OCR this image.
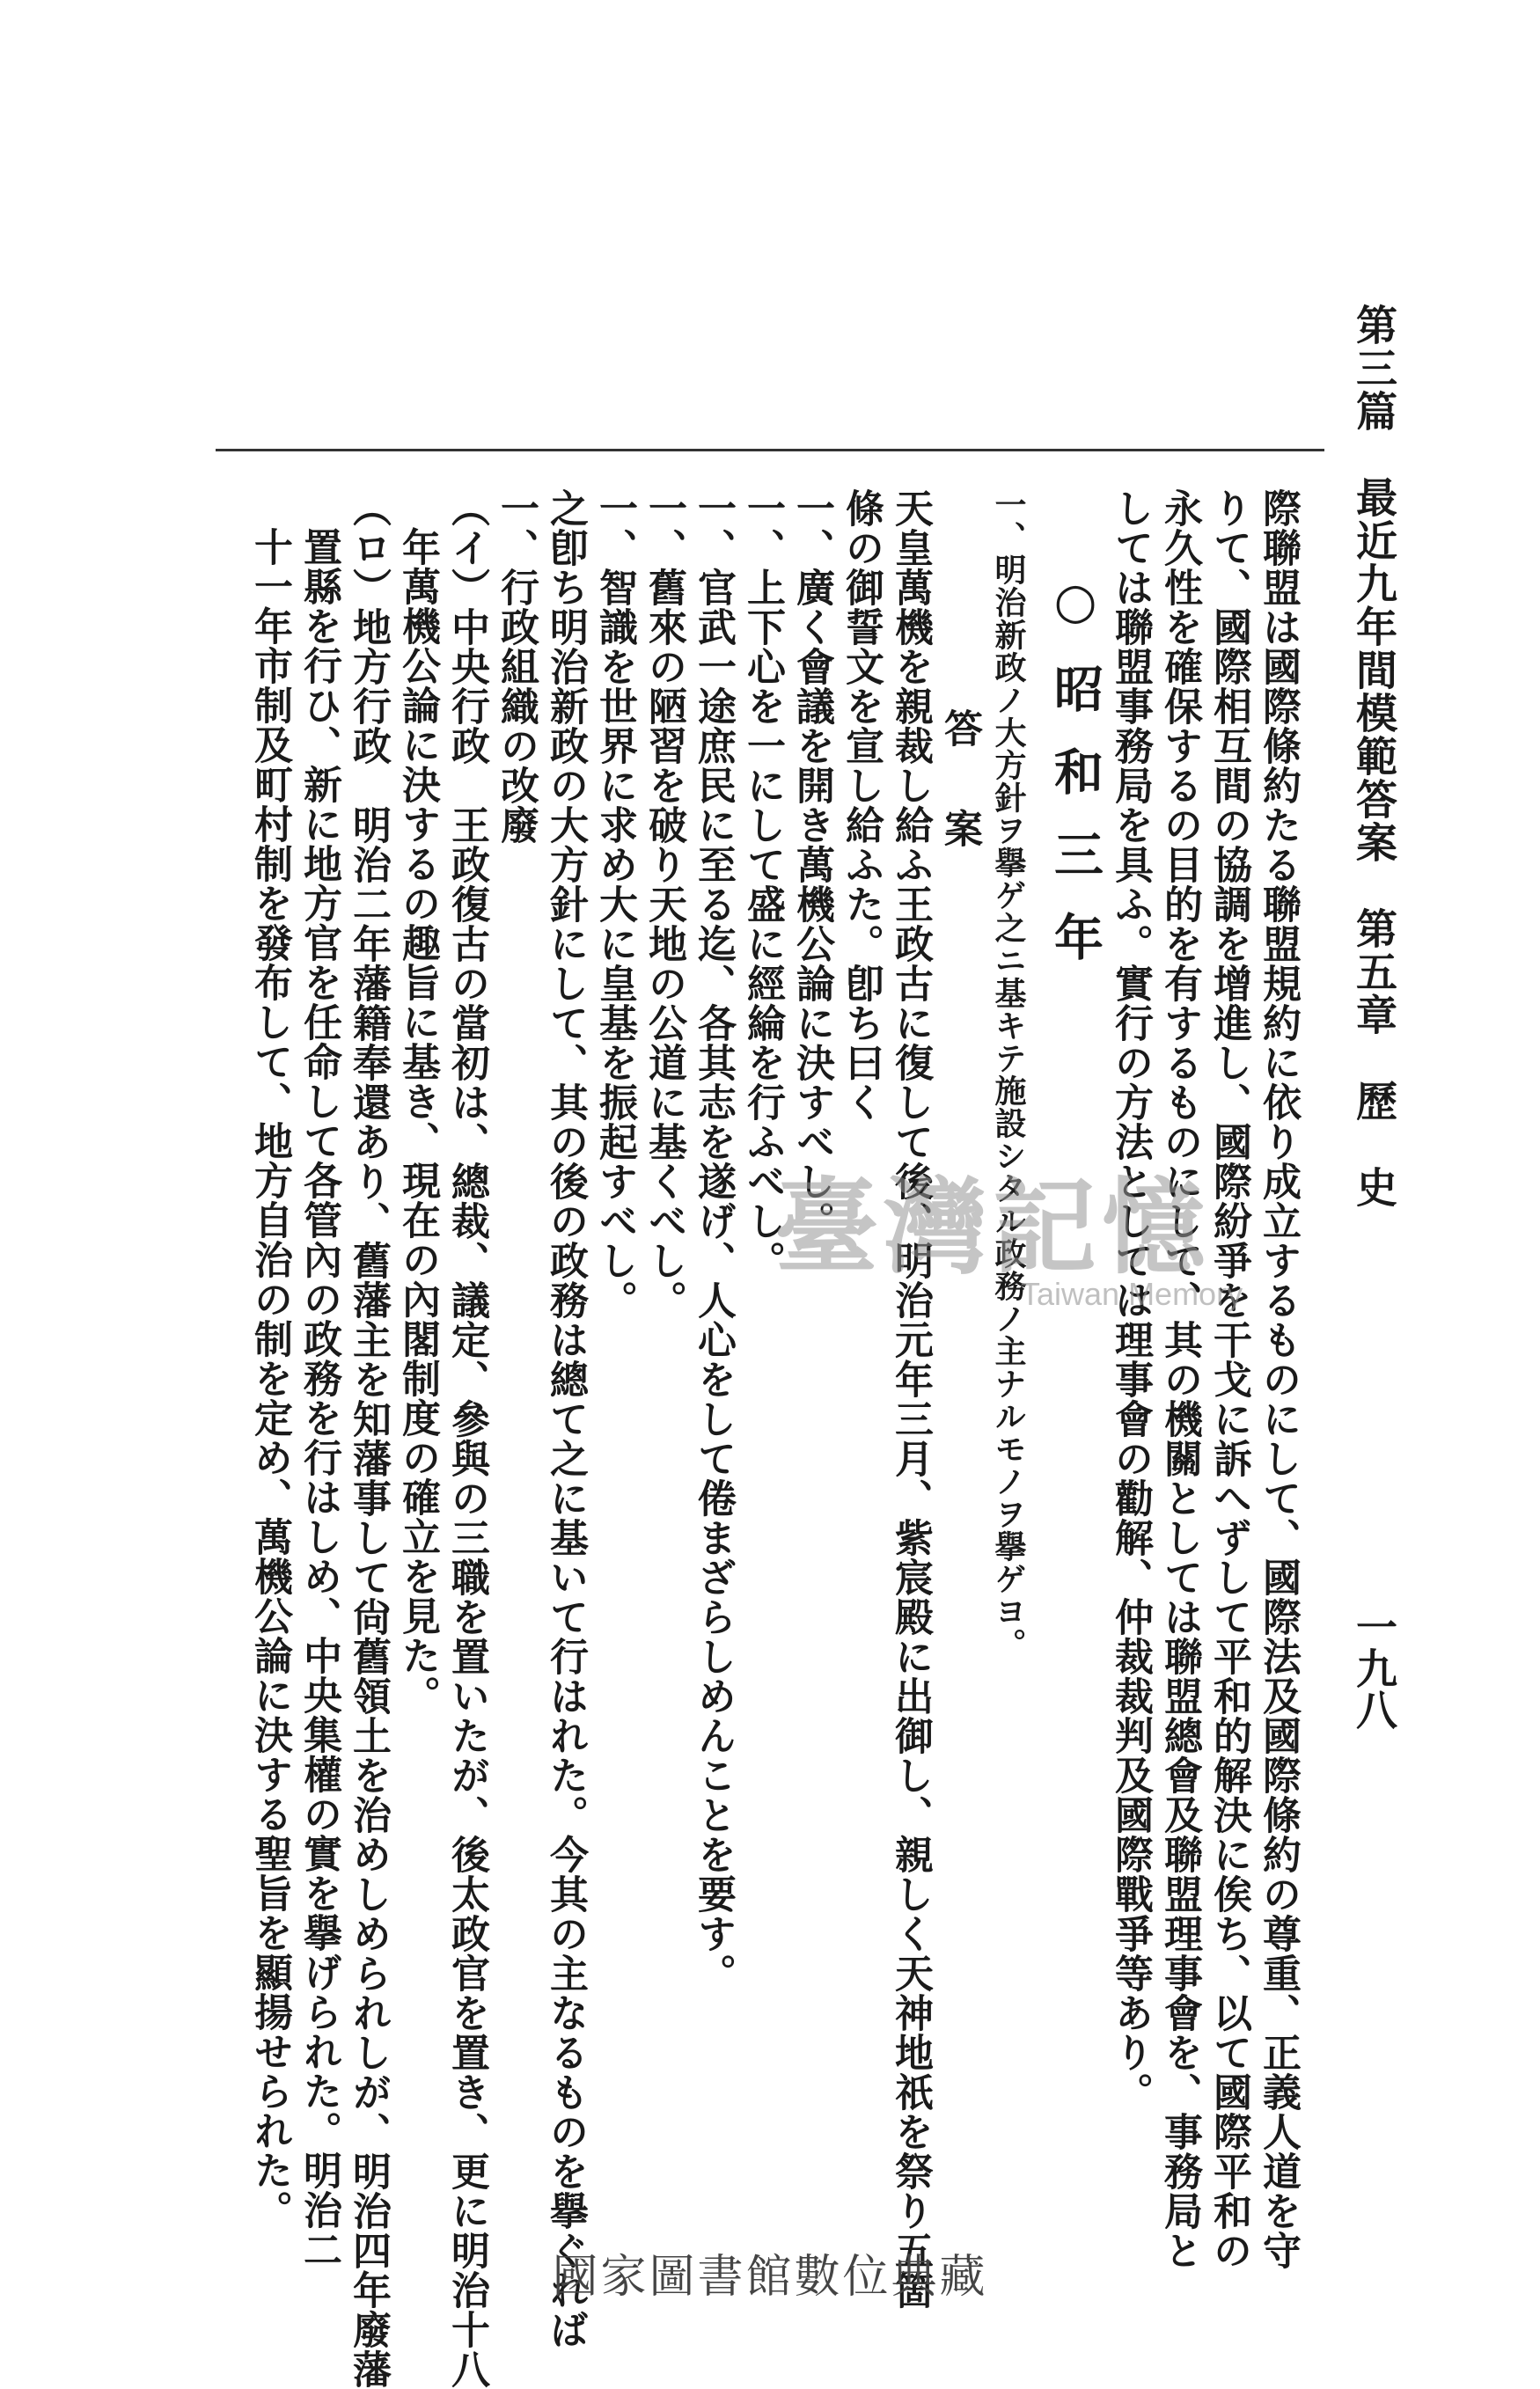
第三篇　最近九年間模範答案　第五章　歷　史
一九八
際聯盟は國際條約たる聯盟規約に依り成立するものにして、國際法及國際條約の尊重、正義人道を守
りて、國際相互間の協調を增進し、國際紛爭を干戈に訴へずして平和的解決に俟ち、以て國際平和の
永久性を確保するの目的を有するものにして、其の機關としては聯盟總會及聯盟理事會を、事務局と
しては聯盟事務局を具ふ。實行の方法としては理事會の勸解、仲裁裁判及國際戰爭等あり。
○昭和三年
一、明治新政ノ大方針ヲ擧ゲ之ニ基キテ施設シタル政務ノ主ナルモノヲ擧ゲヨ。
答案
天皇萬機を親裁し給ふ王政古に復して後、明治元年三月、紫宸殿に出御し、親しく天神地祇を祭り五箇
條の御誓文を宣し給ふた。卽ち曰く
一、廣く會議を開き萬機公論に決すべし。
一、上下心を一にして盛に經綸を行ふべし。
一、官武一途庶民に至る迄、各其志を遂げ、人心をして倦まざらしめんことを要す。
一、舊來の陋習を破り天地の公道に基くべし。
一、智識を世界に求め大に皇基を振起すべし。
之卽ち明治新政の大方針にして、其の後の政務は總て之に基いて行はれた。今其の主なるものを擧ぐれば
一、行政組織の改廢
（イ）中央行政　王政復古の當初は、總裁、議定、參與の三職を置いたが、後太政官を置き、更に明治十八
年萬機公論に決するの趣旨に基き、現在の內閣制度の確立を見た。
（ロ）地方行政　明治二年藩籍奉還あり、舊藩主を知藩事して尙舊領土を治めしめられしが、明治四年廢藩
置縣を行ひ、新に地方官を任命して各管內の政務を行はしめ、中央集權の實を擧げられた。明治二
十一年市制及町村制を發布して、地方自治の制を定め、萬機公論に決する聖旨を顯揚せられた。	臺灣記憶
Taiwan Memory
國家圖書館數位典藏
